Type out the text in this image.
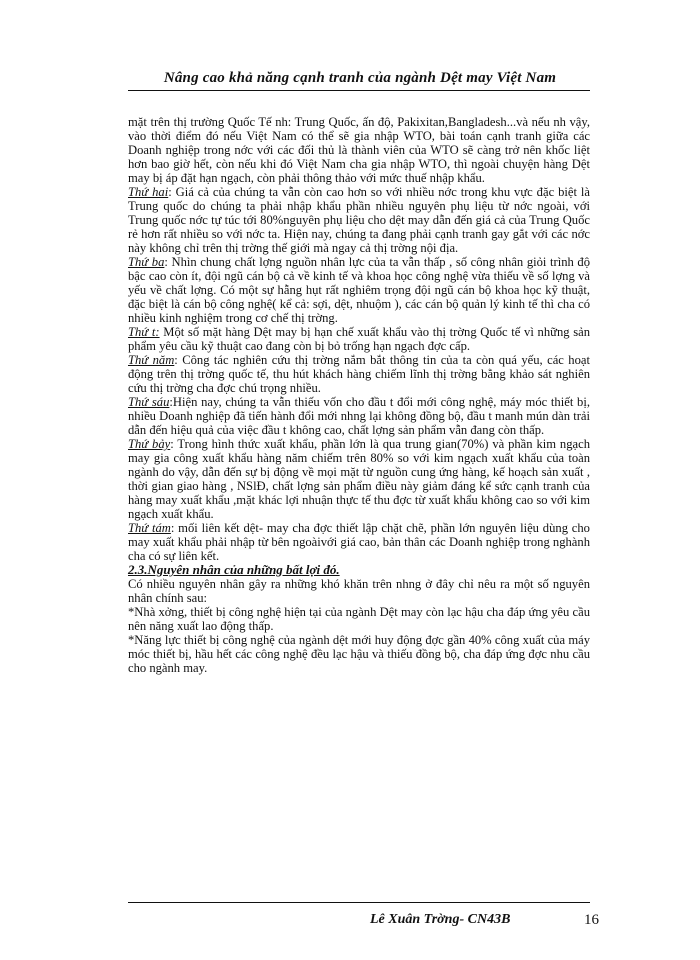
Nâng cao khả năng cạnh tranh của ngành Dệt may Việt Nam

mặt trên thị trường Quốc Tế nh: Trung Quốc, ấn độ, Pakixitan,Bangladesh...và nếu nh vậy, vào thời điểm đó nếu Việt Nam có thể sẽ gia nhập WTO, bài toán cạnh tranh giữa các Doanh nghiệp trong nớc với các đối thủ là thành viên của WTO sẽ càng trở nên khốc liệt hơn bao giờ hết, còn nếu khi đó Việt Nam cha gia nhập WTO, thì ngoài chuyện hàng Dệt may bị áp đặt hạn ngạch, còn phải thông thảo với mức thuế nhập khẩu.

Thứ hai: Giá cả của chúng ta vẫn còn cao hơn so với nhiều nớc trong khu vực đặc biệt là Trung quốc do chúng ta phải nhập khẩu phần nhiều nguyên phụ liệu từ nớc ngoài, với Trung quốc nớc tự túc tới 80%nguyên phụ liệu cho dệt may dẫn đến giá cả của Trung Quốc rẻ hơn rất nhiều so với nớc ta. Hiện nay, chúng ta đang phải cạnh tranh gay gắt với các nớc này không chỉ trên thị trờng thế giới mà ngay cả thị trờng nội địa.

Thứ ba: Nhìn chung chất lợng nguồn nhân lực của ta vẫn thấp , số công nhân giỏi trình độ bậc cao còn ít, đội ngũ cán bộ cả về kinh tế và khoa học công nghệ vừa thiếu về số lợng và yếu về chất lợng. Có một sự hẫng hụt rất nghiêm trọng đội ngũ cán bộ khoa học kỹ thuật, đặc biệt là cán bộ công nghệ( kể cả: sợi, dệt, nhuộm ), các cán bộ quản lý kinh tế thì cha có nhiều kinh nghiệm trong cơ chế thị trờng.

Thứ t: Một số mặt hàng Dệt may bị hạn chế xuất khẩu vào thị trờng Quốc tế vì những sản phẩm yêu cầu kỹ thuật cao đang còn bị bỏ trống hạn ngạch đợc cấp.

Thứ năm: Công tác nghiên cứu thị trờng nắm bắt thông tin của ta còn quá yếu, các hoạt động trên thị trờng quốc tế, thu hút khách hàng chiếm lĩnh thị trờng bằng khảo sát nghiên cứu thị trờng cha đợc chú trọng nhiều.

Thứ sáu:Hiện nay, chúng ta vẫn thiếu vốn cho đầu t đổi mới công nghệ, máy móc thiết bị, nhiều Doanh nghiệp đã tiến hành đổi mới nhng lại không đồng bộ, đầu t manh mún dàn trải dẫn đến hiệu quả của việc đầu t không cao, chất lợng sản phẩm vẫn đang còn thấp.

Thứ bảy: Trong hình thức xuất khẩu, phần lớn là qua trung gian(70%) và phần kim ngạch may gia công xuất khẩu hàng năm chiếm trên 80% so với kim ngạch xuất khẩu của toàn ngành do vậy, dẫn đến sự bị động về mọi mặt từ nguồn cung ứng hàng, kế hoạch sản xuất , thời gian giao hàng , NSlĐ, chất lợng sản phẩm điều này giảm đáng kể sức cạnh tranh của hàng may xuất khẩu ,mặt khác lợi nhuận thực tế thu đợc từ xuất khẩu không cao so với kim ngạch xuất khẩu.

Thứ tám: mối liên kết dệt- may cha đợc thiết lập chặt chẽ, phần lớn nguyên liệu dùng cho may xuất khẩu phải nhập từ bên ngoàivới giá cao, bản thân các Doanh nghiệp trong nghành cha có sự liên kết.

2.3.Nguyên nhân của những bất lợi đó.

Có nhiều nguyên nhân gây ra những khó khăn trên nhng ở đây chỉ nêu ra một số nguyên nhân chính sau:

*Nhà xởng, thiết bị công nghệ hiện tại của ngành Dệt may còn lạc hậu cha đáp ứng yêu cầu nên năng xuất lao động thấp.

*Năng lực thiết bị công nghệ của ngành dệt mới huy động đợc gần 40% công xuất của máy móc thiết bị, hầu hết các công nghệ đều lạc hậu và thiếu đồng bộ, cha đáp ứng đợc nhu cầu cho ngành may.

Lê Xuân Trờng- CN43B	16
